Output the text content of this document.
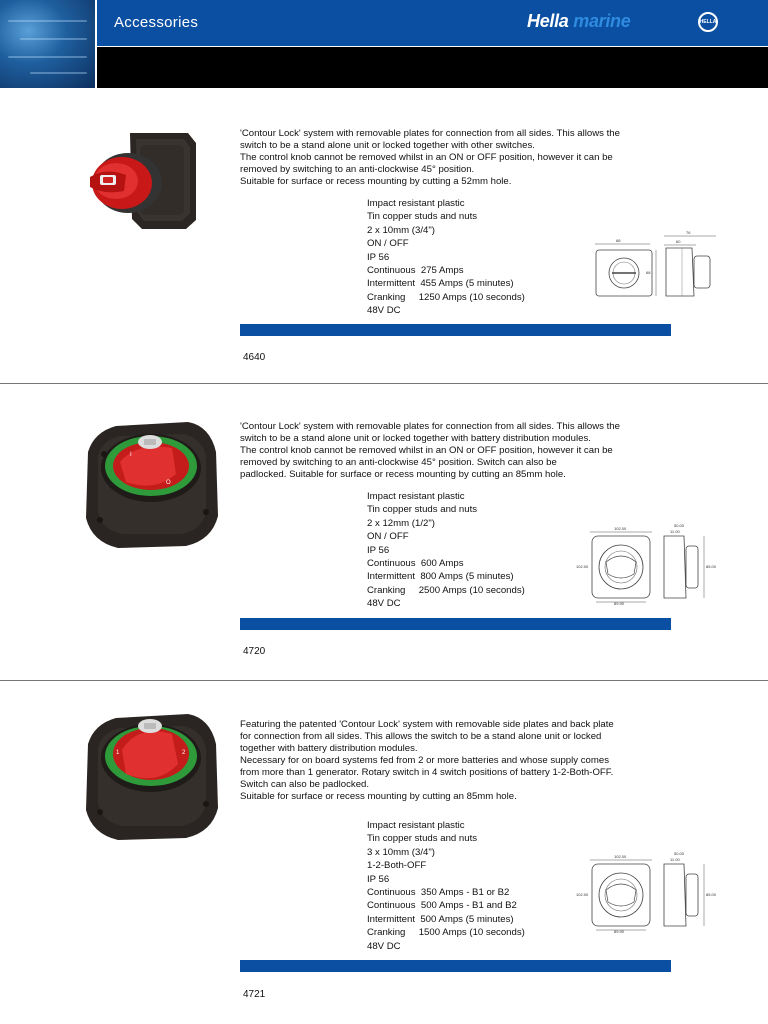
Accessories	Hella marine	HELLA
'Contour Lock' system with removable plates for connection from all sides. This allows the
switch to be a stand alone unit or locked together with other switches.
The control knob cannot be removed whilst in an ON or OFF position, however it can be
removed by switching to an anti-clockwise 45° position.
Suitable for surface or recess mounting by cutting a 52mm hole.
Impact resistant plastic
Tin copper studs and nuts
2 x 10mm (3/4")
ON / OFF
IP 56
Continuous  275 Amps
Intermittent  455 Amps (5 minutes)
Cranking     1250 Amps (10 seconds)
48V DC
68
68
76
60
4640
O
I
'Contour Lock' system with removable plates for connection from all sides. This allows the
switch to be a stand alone unit or locked together with battery distribution modules.
The control knob cannot be removed whilst in an ON or OFF position, however it can be
removed by switching to an anti-clockwise 45° position. Switch can also be
padlocked. Suitable for surface or recess mounting by cutting an 85mm hole.
Impact resistant plastic
Tin copper studs and nuts
2 x 12mm (1/2")
ON / OFF
IP 56
Continuous  600 Amps
Intermittent  800 Amps (5 minutes)
Cranking     2500 Amps (10 seconds)
48V DC
102.00
102.00
89.90
50.00
11.00
85.00
4720
1	2
Featuring the patented 'Contour Lock' system with removable side plates and back plate
for connection from all sides. This allows the switch to be a stand alone unit or locked
together with battery distribution modules.
Necessary for on board systems fed from 2 or more batteries and whose supply comes
from more than 1 generator. Rotary switch in 4 switch positions of battery 1-2-Both-OFF.
Switch can also be padlocked.
Suitable for surface or recess mounting by cutting an 85mm hole.
Impact resistant plastic
Tin copper studs and nuts
3 x 10mm (3/4")
1-2-Both-OFF
IP 56
Continuous  350 Amps - B1 or B2
Continuous  500 Amps - B1 and B2
Intermittent  500 Amps (5 minutes)
Cranking     1500 Amps (10 seconds)
48V DC
102.00
102.00
89.90
50.00
11.00
85.00
4721
